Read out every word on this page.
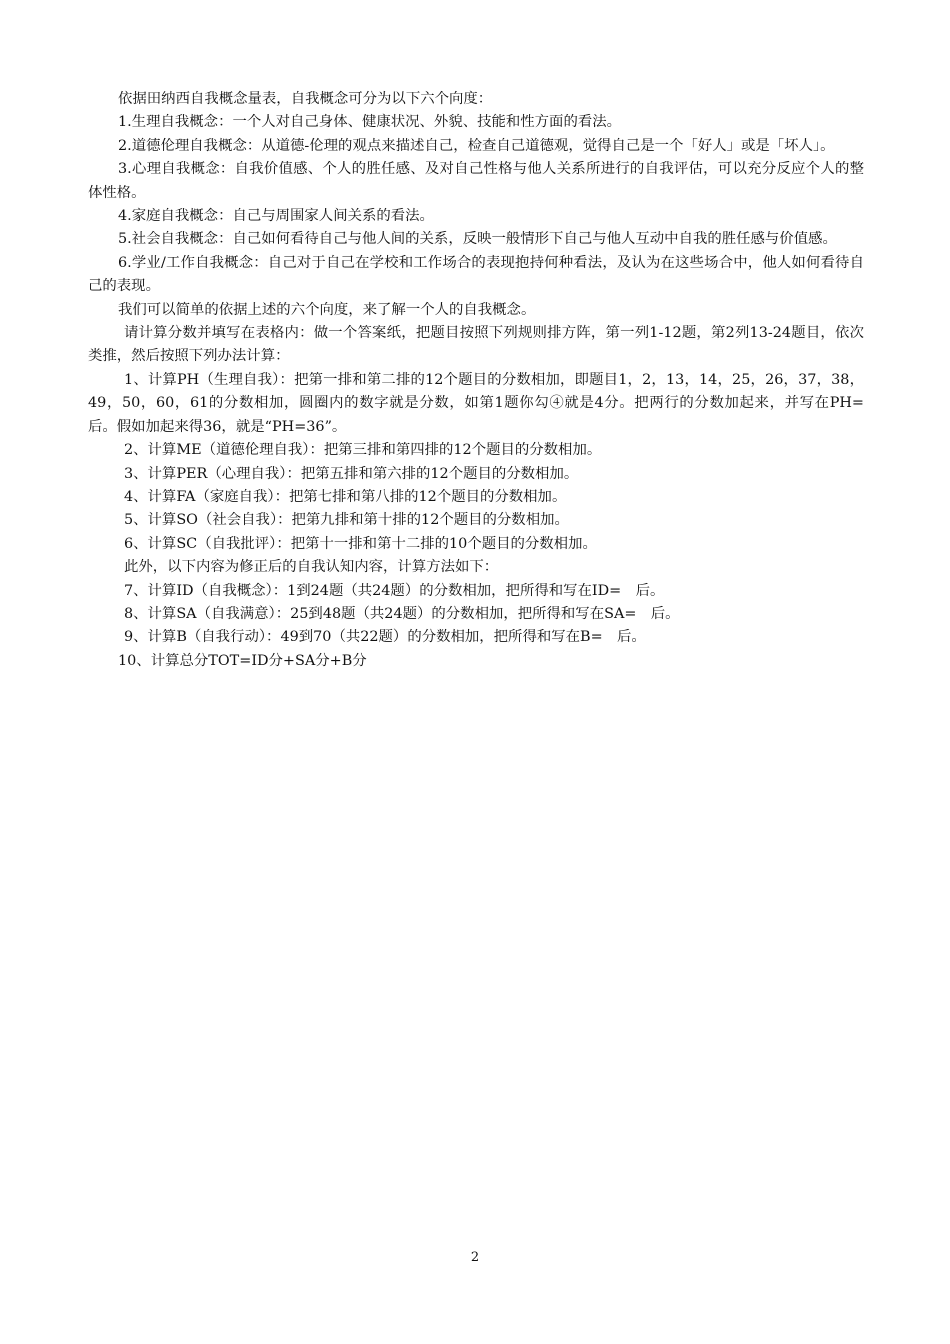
依据田纳西自我概念量表，自我概念可分为以下六个向度：

1.生理自我概念：一个人对自己身体、健康状况、外貌、技能和性方面的看法。

2.道德伦理自我概念：从道德-伦理的观点来描述自己，检查自己道德观，觉得自己是一个「好人」或是「坏人」。

3.心理自我概念：自我价值感、个人的胜任感、及对自己性格与他人关系所进行的自我评估，可以充分反应个人的整体性格。

4.家庭自我概念：自己与周围家人间关系的看法。

5.社会自我概念：自己如何看待自己与他人间的关系，反映一般情形下自己与他人互动中自我的胜任感与价值感。

6.学业/工作自我概念：自己对于自己在学校和工作场合的表现抱持何种看法，及认为在这些场合中，他人如何看待自己的表现。

我们可以简单的依据上述的六个向度，来了解一个人的自我概念。

请计算分数并填写在表格内：做一个答案纸，把题目按照下列规则排方阵，第一列1-12题，第2列13-24题目，依次类推，然后按照下列办法计算：

1、计算PH（生理自我）：把第一排和第二排的12个题目的分数相加，即题目1，2，13，14，25，26，37，38，49，50，60，61的分数相加，圆圈内的数字就是分数，如第1题你勾④就是4分。把两行的分数加起来，并写在PH=　后。假如加起来得36，就是“PH=36”。

2、计算ME（道德伦理自我）：把第三排和第四排的12个题目的分数相加。

3、计算PER（心理自我）：把第五排和第六排的12个题目的分数相加。

4、计算FA（家庭自我）：把第七排和第八排的12个题目的分数相加。

5、计算SO（社会自我）：把第九排和第十排的12个题目的分数相加。

6、计算SC（自我批评）：把第十一排和第十二排的10个题目的分数相加。

此外，以下内容为修正后的自我认知内容，计算方法如下：

7、计算ID（自我概念）：1到24题（共24题）的分数相加，把所得和写在ID=　后。

8、计算SA（自我满意）：25到48题（共24题）的分数相加，把所得和写在SA=　后。

9、计算B（自我行动）：49到70（共22题）的分数相加，把所得和写在B=　后。

10、计算总分TOT=ID分+SA分+B分

2
